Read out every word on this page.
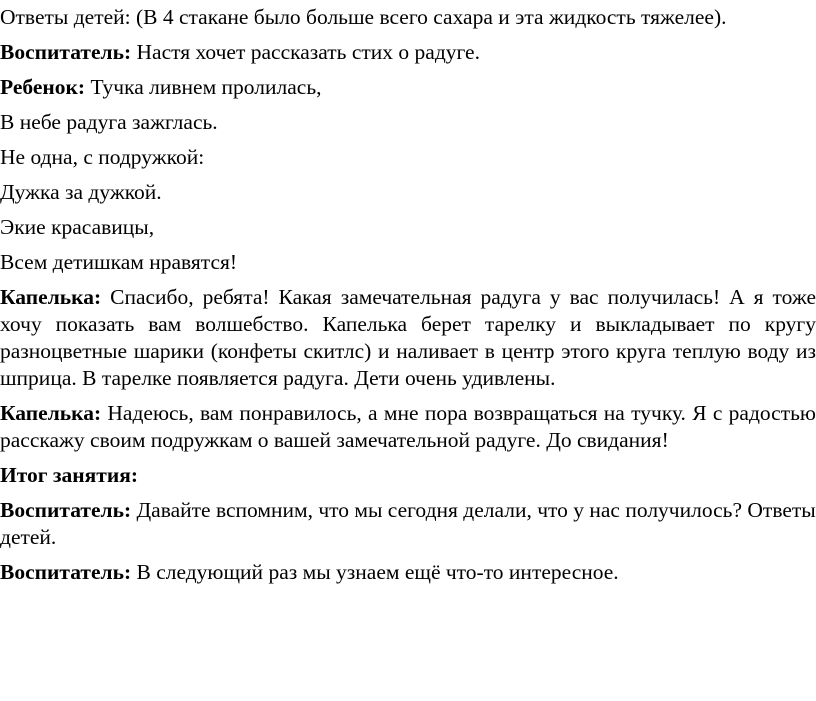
Ответы детей: (В 4 стакане было больше всего сахара и эта жидкость тяжелее).

Воспитатель: Настя хочет рассказать стих о радуге.

Ребенок: Тучка ливнем пролилась,

В небе радуга зажглась.

Не одна, с подружкой:

Дужка за дужкой.

Экие красавицы,

Всем детишкам нравятся!

Капелька: Спасибо, ребята! Какая замечательная радуга у вас получилась! А я тоже хочу показать вам волшебство. Капелька берет тарелку и выкладывает по кругу разноцветные шарики (конфеты скитлс) и наливает в центр этого круга теплую воду из шприца. В тарелке появляется радуга. Дети очень удивлены.

Капелька: Надеюсь, вам понравилось, а мне пора возвращаться на тучку. Я с радостью расскажу своим подружкам о вашей замечательной радуге. До свидания!

Итог занятия:

Воспитатель: Давайте вспомним, что мы сегодня делали, что у нас получилось? Ответы детей.

Воспитатель: В следующий раз мы узнаем ещё что-то интересное.
